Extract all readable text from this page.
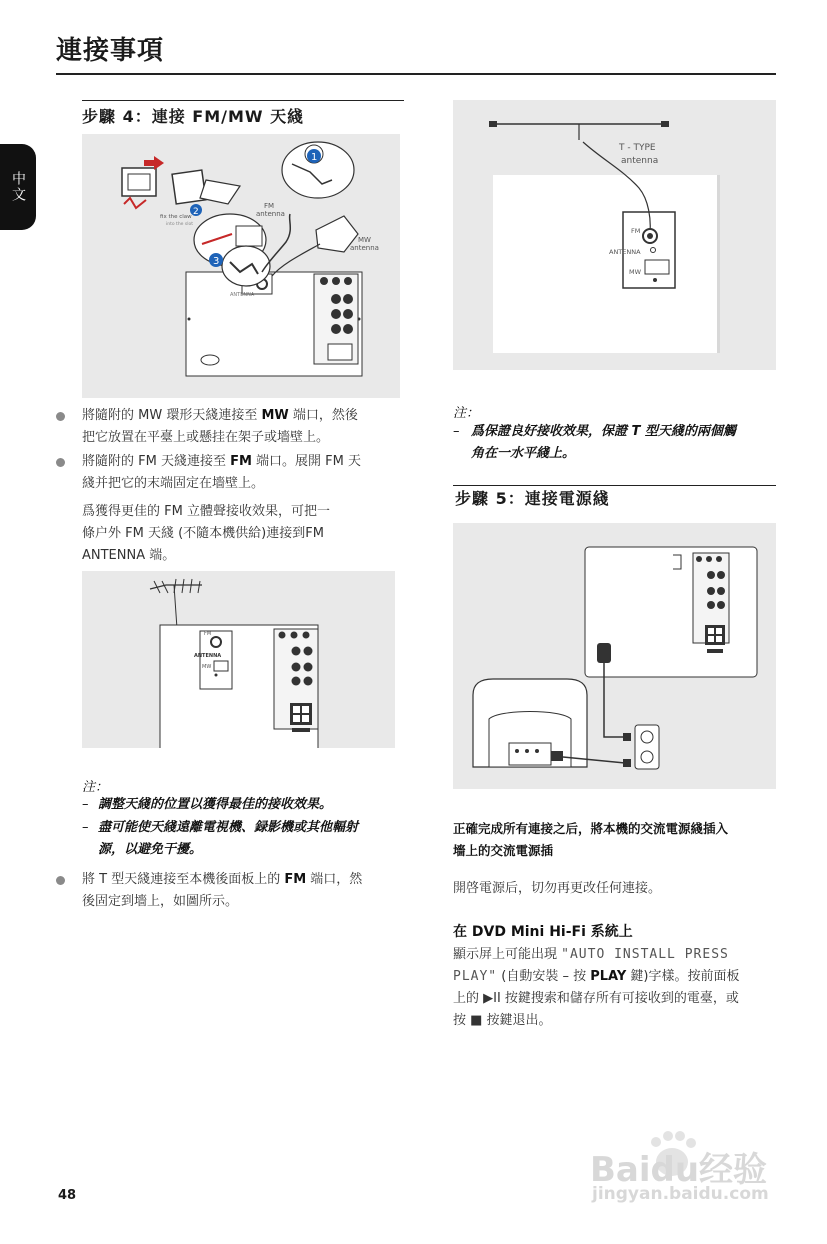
連接事項
中文
步驟 4：連接 FM/MW 天綫
ANTENNA
fix the claw
into the slot
FM
antenna
MW
antenna
1
2
3
將隨附的 MW 環形天綫連接至 MW 端口，然後
把它放置在平臺上或懸挂在架子或墻壁上。
將隨附的 FM 天綫連接至 FM 端口。展開 FM 天
綫并把它的末端固定在墻壁上。
爲獲得更佳的 FM 立體聲接收效果，可把一
條户外 FM 天綫 (不隨本機供給)連接到FM
ANTENNA 端。
FM
ANTENNA
MW
注：
– 調整天綫的位置以獲得最佳的接收效果。
– 盡可能使天綫遠離電視機、録影機或其他輻射
源，以避免干擾。
將 T 型天綫連接至本機後面板上的 FM 端口，然
後固定到墻上，如圖所示。
T - TYPE
antenna
FM
ANTENNA
MW
注：
– 爲保證良好接收效果，保證 T 型天綫的兩個觸
角在一水平綫上。
步驟 5：連接電源綫
正確完成所有連接之后，將本機的交流電源綫插入
墻上的交流電源插
開啓電源后，切勿再更改任何連接。
在 DVD Mini Hi-Fi 系統上
顯示屏上可能出現 "AUTO INSTALL PRESS
PLAY" (自動安裝 – 按 PLAY 鍵)字樣。按前面板
上的 ▶II 按鍵搜索和儲存所有可接收到的電臺，或
按 ■ 按鍵退出。
48
Baidu经验
jingyan.baidu.com
